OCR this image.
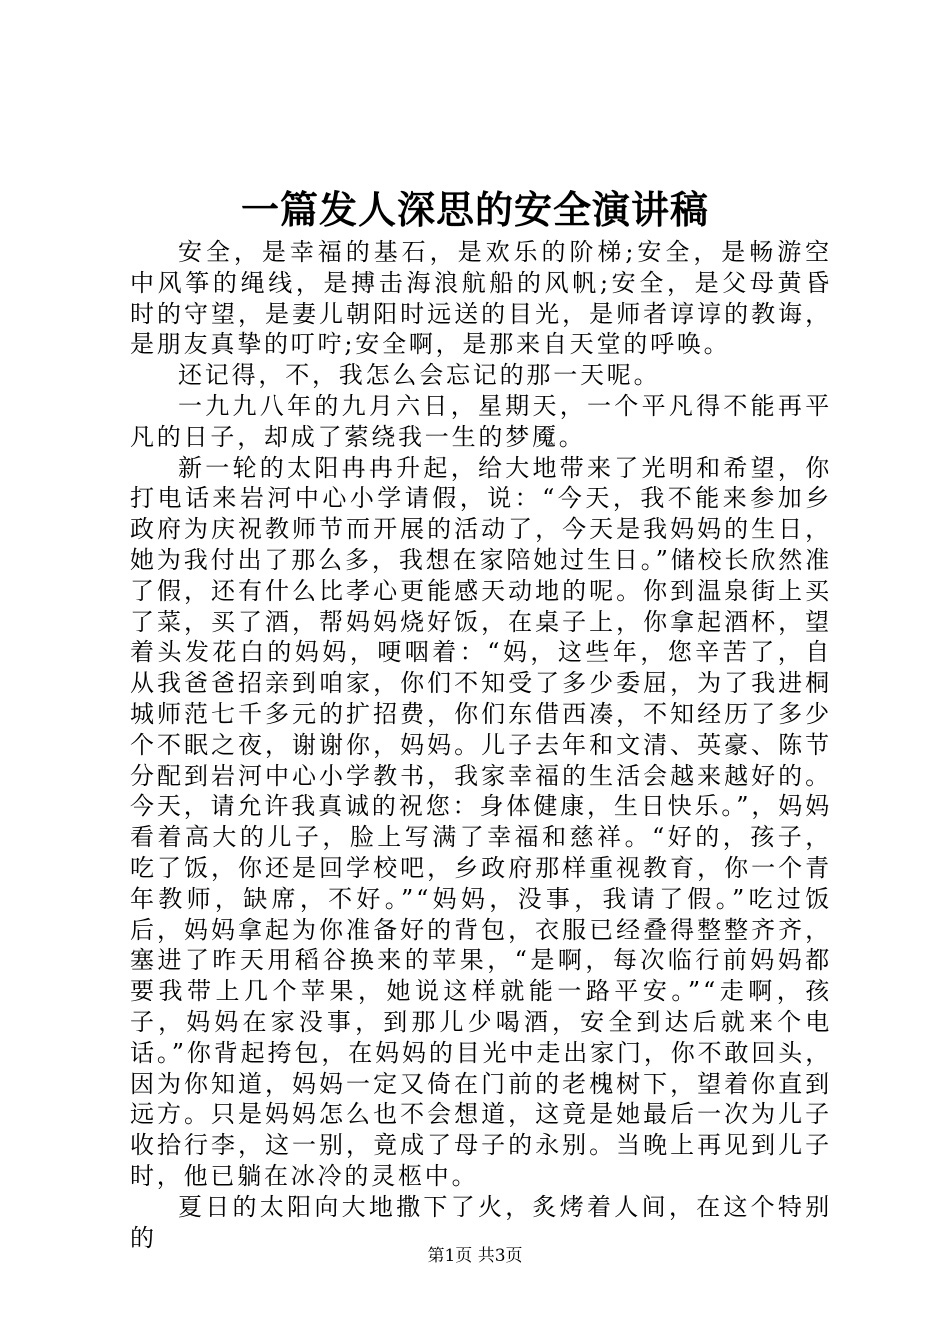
一篇发人深思的安全演讲稿

安全，是幸福的基石，是欢乐的阶梯;安全，是畅游空中风筝的绳线，是搏击海浪航船的风帆;安全，是父母黄昏时的守望，是妻儿朝阳时远送的目光，是师者谆谆的教诲，是朋友真挚的叮咛;安全啊，是那来自天堂的呼唤。

还记得，不，我怎么会忘记的那一天呢。

一九九八年的九月六日，星期天，一个平凡得不能再平凡的日子，却成了萦绕我一生的梦魇。

新一轮的太阳冉冉升起，给大地带来了光明和希望，你打电话来岩河中心小学请假，说：“今天，我不能来参加乡政府为庆祝教师节而开展的活动了，今天是我妈妈的生日，她为我付出了那么多，我想在家陪她过生日。”储校长欣然准了假，还有什么比孝心更能感天动地的呢。你到温泉街上买了菜，买了酒，帮妈妈烧好饭，在桌子上，你拿起酒杯，望着头发花白的妈妈，哽咽着：“妈，这些年，您辛苦了，自从我爸爸招亲到咱家，你们不知受了多少委屈，为了我进桐城师范七千多元的扩招费，你们东借西凑，不知经历了多少个不眠之夜，谢谢你，妈妈。儿子去年和文清、英豪、陈节分配到岩河中心小学教书，我家幸福的生活会越来越好的。今天，请允许我真诚的祝您：身体健康，生日快乐。”，妈妈看着高大的儿子，脸上写满了幸福和慈祥。“好的，孩子，吃了饭，你还是回学校吧，乡政府那样重视教育，你一个青年教师，缺席，不好。”“妈妈，没事，我请了假。”吃过饭后，妈妈拿起为你准备好的背包，衣服已经叠得整整齐齐，塞进了昨天用稻谷换来的苹果，“是啊，每次临行前妈妈都要我带上几个苹果，她说这样就能一路平安。”“走啊，孩子，妈妈在家没事，到那儿少喝酒，安全到达后就来个电话。”你背起挎包，在妈妈的目光中走出家门，你不敢回头，因为你知道，妈妈一定又倚在门前的老槐树下，望着你直到远方。只是妈妈怎么也不会想道，这竟是她最后一次为儿子收拾行李，这一别，竟成了母子的永别。当晚上再见到儿子时，他已躺在冰冷的灵柩中。

夏日的太阳向大地撒下了火，炙烤着人间，在这个特别的

第1页 共3页
